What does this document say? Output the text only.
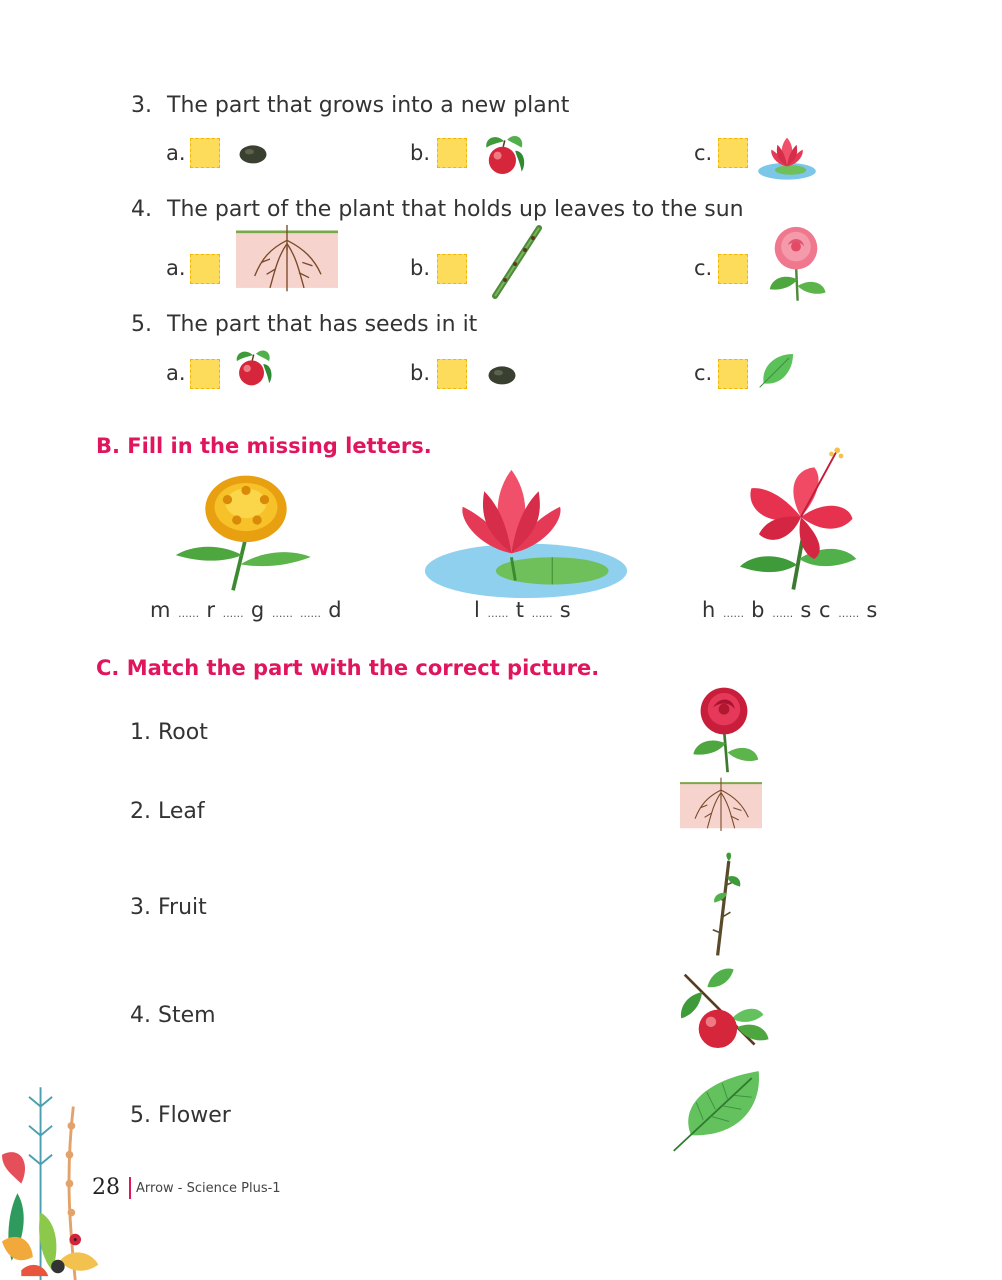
3. The part that grows into a new plant
a.	b.	c.
4. The part of the plant that holds up leaves to the sun
a.	b.	c.
5. The part that has seeds in it
a.	b.	c.
B. Fill in the missing letters.
m ...... r ...... g ...... ...... d	l ...... t ...... s	h ...... b ...... s c ...... s
C. Match the part with the correct picture.
1. Root
2. Leaf
3. Fruit
4. Stem
5. Flower
28 Arrow - Science Plus-1
